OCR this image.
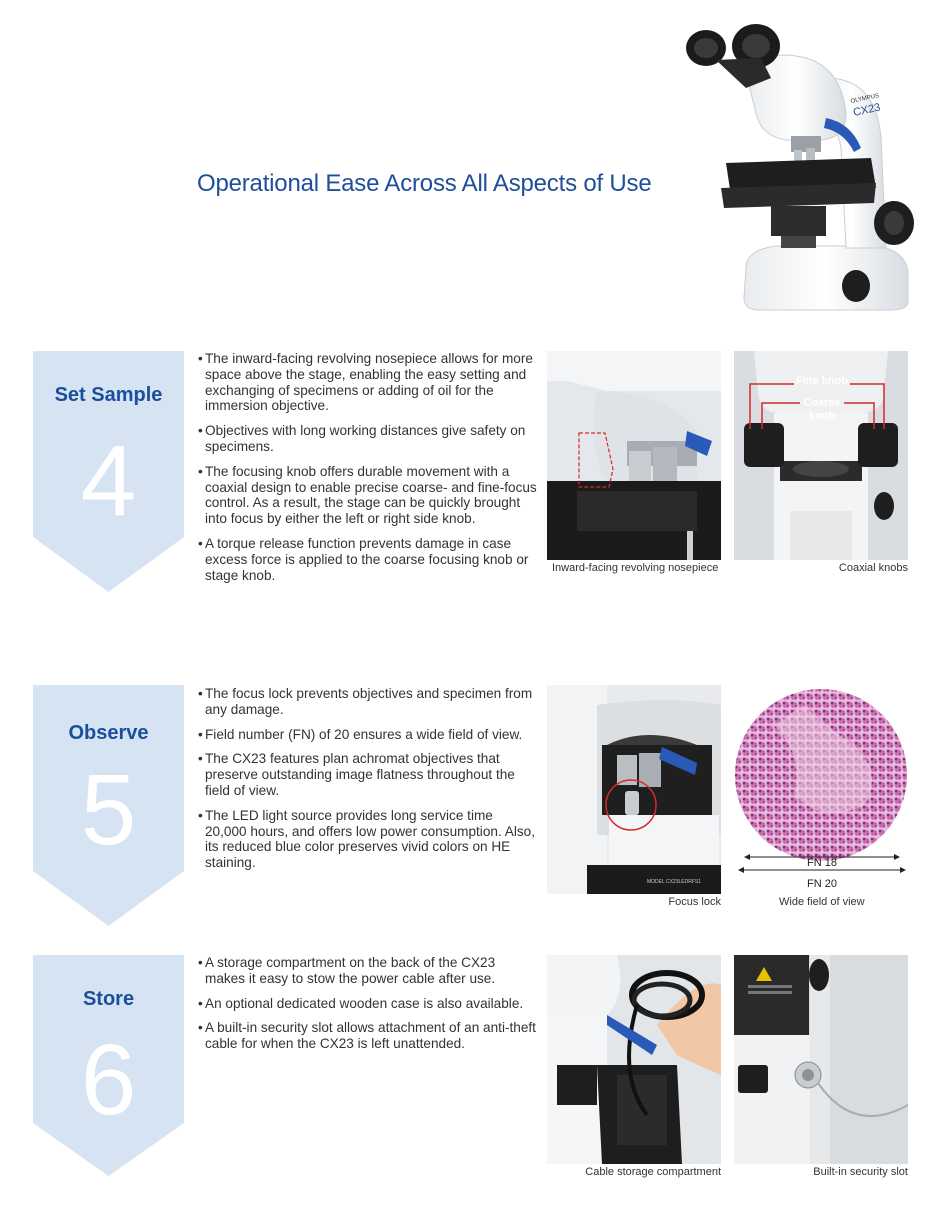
Operational Ease Across All Aspects of Use
OLYMPUS
CX23
Set Sample
4
• The inward-facing revolving nosepiece allows for more space above the stage, enabling the easy setting and exchanging of specimens or adding of oil for the immersion objective.
• Objectives with long working distances give safety on specimens.
• The focusing knob offers durable movement with a coaxial design to enable precise coarse- and fine-focus control. As a result, the stage can be quickly brought into focus by either the left or right side knob.
• A torque release function prevents damage in case excess force is applied to the coarse focusing knob or stage knob.	Inward-facing revolving nosepiece
Fine knob
Coarse
knob
Coaxial knobs
Observe
5
• The focus lock prevents objectives and specimen from any damage.
• Field number (FN) of 20 ensures a wide field of view.
• The CX23 features plan achromat objectives that preserve outstanding image flatness throughout the field of view.
• The LED light source provides long service time 20,000 hours, and offers low power consumption. Also, its reduced blue color preserves vivid colors on HE staining.
MODEL CX23LEDRFS1
Focus lock
FN 18
FN 20
Wide field of view
Store
6
• A storage compartment on the back of the CX23 makes it easy to stow the power cable after use.
• An optional dedicated wooden case is also available.
• A built-in security slot allows attachment of an anti-theft cable for when the CX23 is left unattended.
Cable storage compartment	Built-in security slot
